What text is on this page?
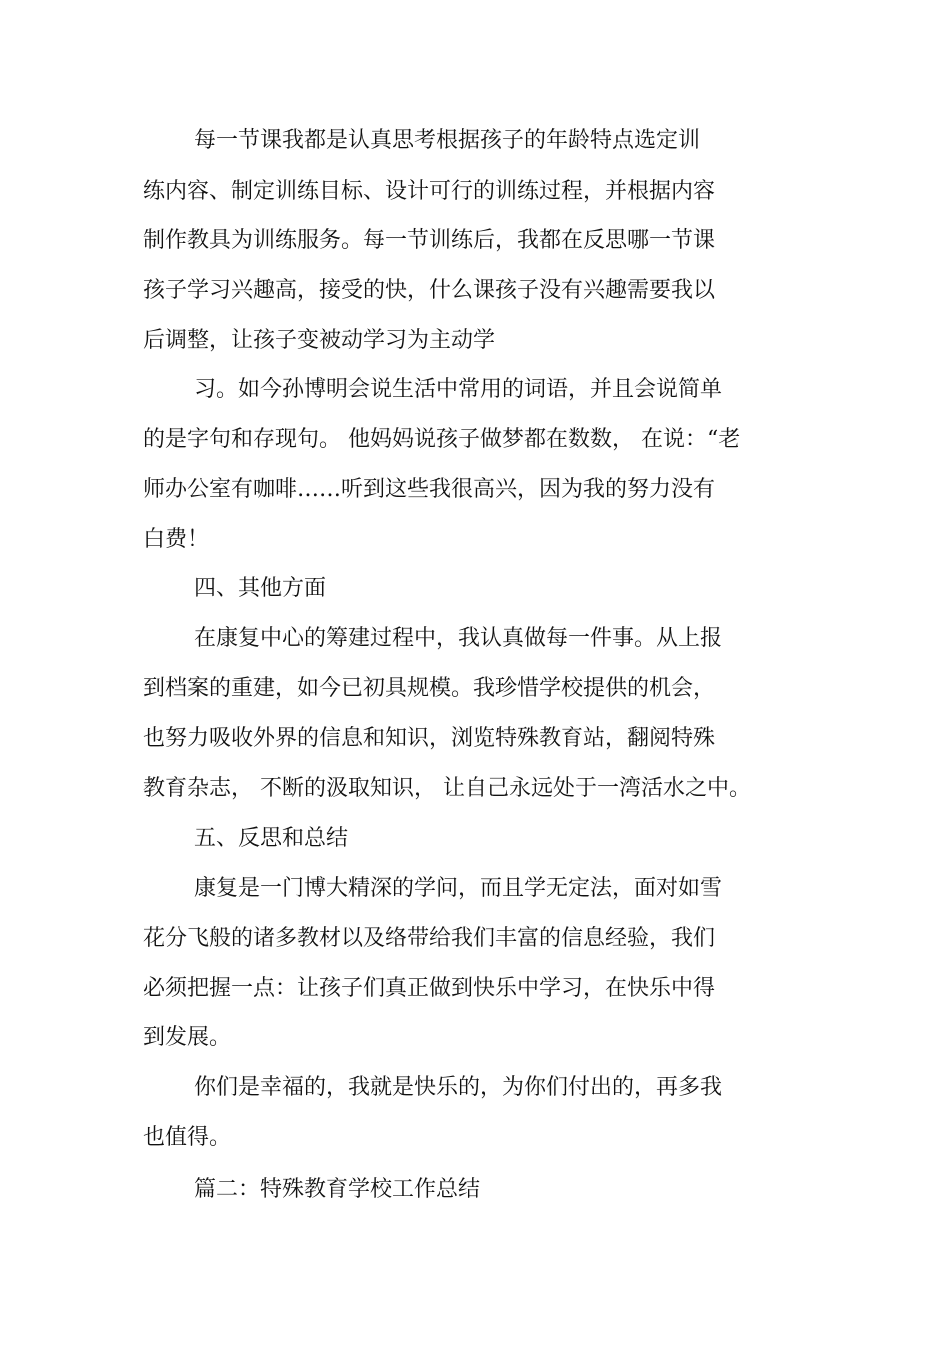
每一节课我都是认真思考根据孩子的年龄特点选定训
练内容、制定训练目标、设计可行的训练过程，并根据内容
制作教具为训练服务。每一节训练后，我都在反思哪一节课
孩子学习兴趣高，接受的快，什么课孩子没有兴趣需要我以
后调整，让孩子变被动学习为主动学
习。如今孙博明会说生活中常用的词语，并且会说简单
的是字句和存现句。 他妈妈说孩子做梦都在数数， 在说：“老
师办公室有咖啡……听到这些我很高兴，因为我的努力没有
白费！
四、其他方面
在康复中心的筹建过程中，我认真做每一件事。从上报
到档案的重建，如今已初具规模。我珍惜学校提供的机会，
也努力吸收外界的信息和知识，浏览特殊教育站，翻阅特殊
教育杂志， 不断的汲取知识， 让自己永远处于一湾活水之中。
五、反思和总结
康复是一门博大精深的学问，而且学无定法，面对如雪
花分飞般的诸多教材以及络带给我们丰富的信息经验，我们
必须把握一点：让孩子们真正做到快乐中学习，在快乐中得
到发展。
你们是幸福的，我就是快乐的，为你们付出的，再多我
也值得。
篇二：特殊教育学校工作总结
